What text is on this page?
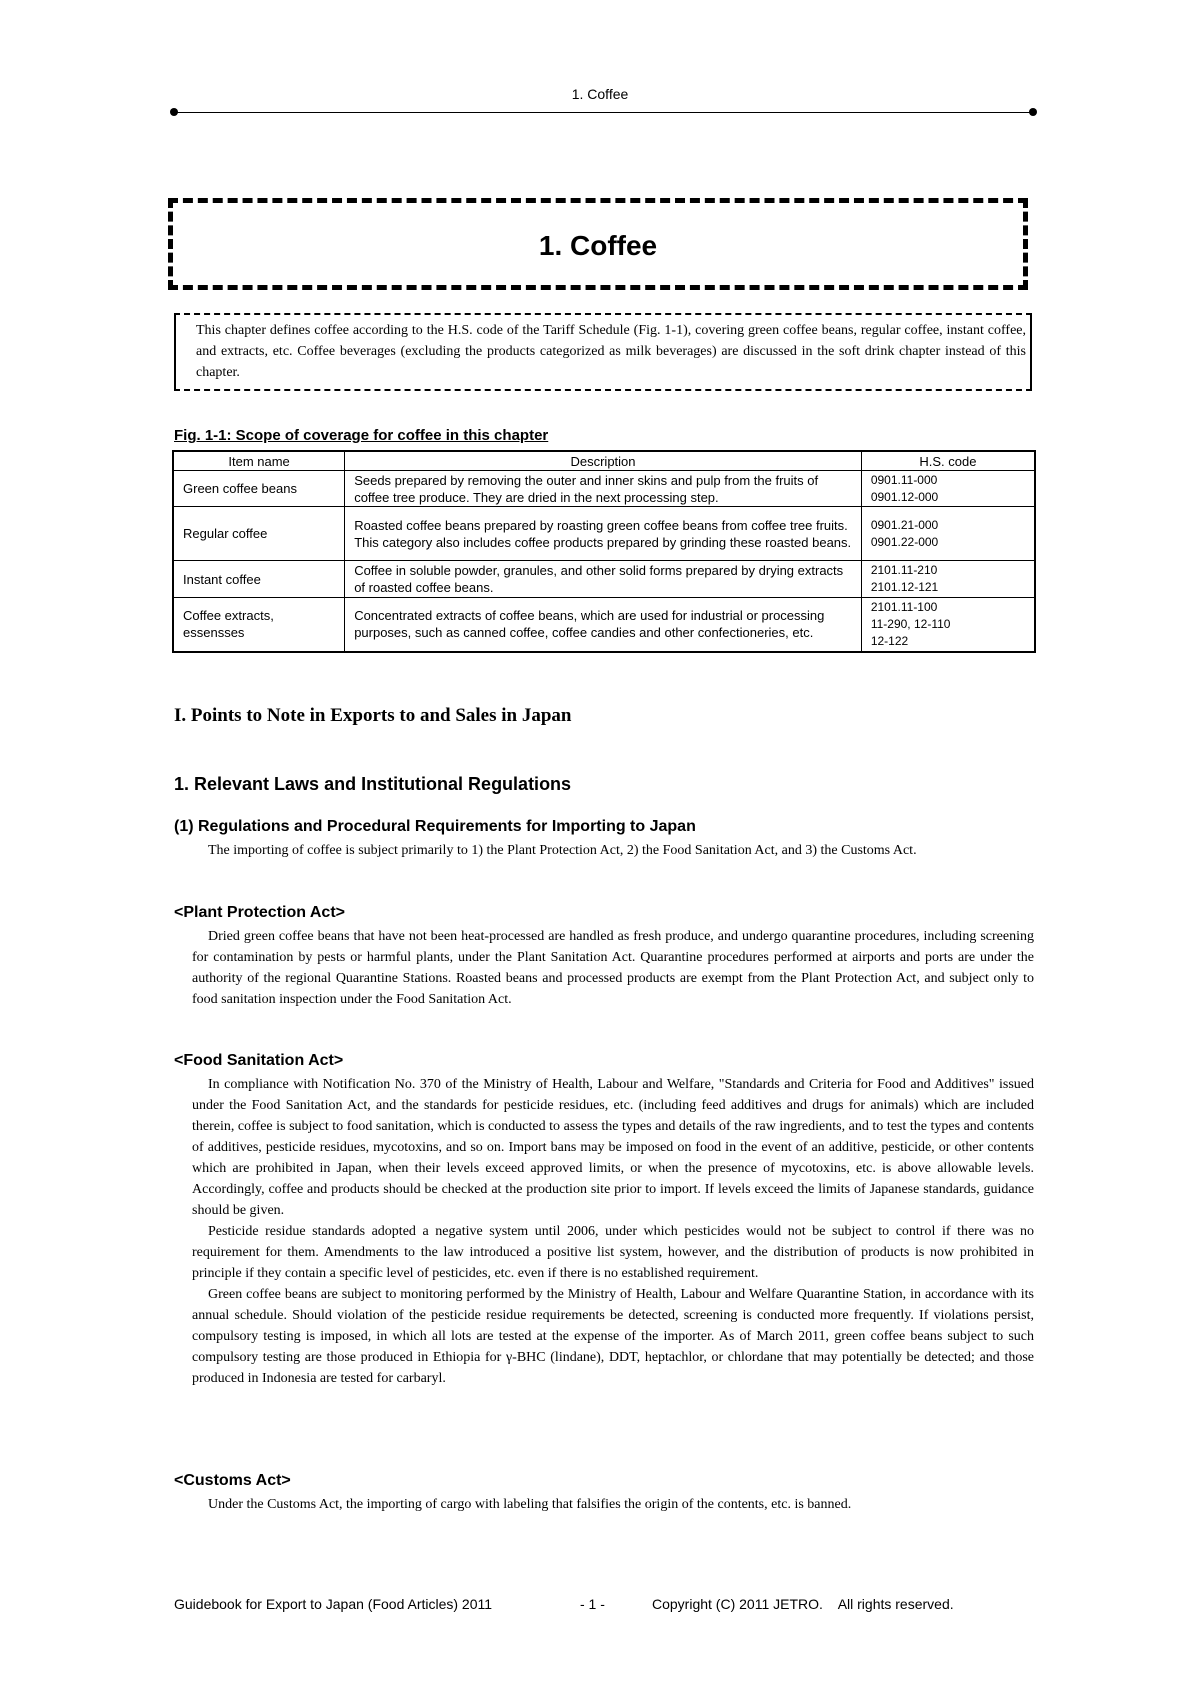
1. Coffee
1. Coffee
This chapter defines coffee according to the H.S. code of the Tariff Schedule (Fig. 1-1), covering green coffee beans, regular coffee, instant coffee, and extracts, etc. Coffee beverages (excluding the products categorized as milk beverages) are discussed in the soft drink chapter instead of this chapter.
Fig. 1-1: Scope of coverage for coffee in this chapter
Item name	Description	H.S. code
Green coffee beans	Seeds prepared by removing the outer and inner skins and pulp from the fruits of coffee tree produce. They are dried in the next processing step.	0901.11-000
0901.12-000
Regular coffee	Roasted coffee beans prepared by roasting green coffee beans from coffee tree fruits. This category also includes coffee products prepared by grinding these roasted beans.	0901.21-000
0901.22-000
Instant coffee	Coffee in soluble powder, granules, and other solid forms prepared by drying extracts of roasted coffee beans.	2101.11-210
2101.12-121
Coffee extracts, essensses	Concentrated extracts of coffee beans, which are used for industrial or processing purposes, such as canned coffee, coffee candies and other confectioneries, etc.	2101.11-100
11-290, 12-110
12-122
I. Points to Note in Exports to and Sales in Japan
1. Relevant Laws and Institutional Regulations
(1) Regulations and Procedural Requirements for Importing to Japan

The importing of coffee is subject primarily to 1) the Plant Protection Act, 2) the Food Sanitation Act, and 3) the Customs Act.

<Plant Protection Act>

Dried green coffee beans that have not been heat-processed are handled as fresh produce, and undergo quarantine procedures, including screening for contamination by pests or harmful plants, under the Plant Sanitation Act. Quarantine procedures performed at airports and ports are under the authority of the regional Quarantine Stations. Roasted beans and processed products are exempt from the Plant Protection Act, and subject only to food sanitation inspection under the Food Sanitation Act.

<Food Sanitation Act>

In compliance with Notification No. 370 of the Ministry of Health, Labour and Welfare, "Standards and Criteria for Food and Additives" issued under the Food Sanitation Act, and the standards for pesticide residues, etc. (including feed additives and drugs for animals) which are included therein, coffee is subject to food sanitation, which is conducted to assess the types and details of the raw ingredients, and to test the types and contents of additives, pesticide residues, mycotoxins, and so on. Import bans may be imposed on food in the event of an additive, pesticide, or other contents which are prohibited in Japan, when their levels exceed approved limits, or when the presence of mycotoxins, etc. is above allowable levels. Accordingly, coffee and products should be checked at the production site prior to import. If levels exceed the limits of Japanese standards, guidance should be given.

Pesticide residue standards adopted a negative system until 2006, under which pesticides would not be subject to control if there was no requirement for them. Amendments to the law introduced a positive list system, however, and the distribution of products is now prohibited in principle if they contain a specific level of pesticides, etc. even if there is no established requirement.

Green coffee beans are subject to monitoring performed by the Ministry of Health, Labour and Welfare Quarantine Station, in accordance with its annual schedule. Should violation of the pesticide residue requirements be detected, screening is conducted more frequently. If violations persist, compulsory testing is imposed, in which all lots are tested at the expense of the importer. As of March 2011, green coffee beans subject to such compulsory testing are those produced in Ethiopia for γ-BHC (lindane), DDT, heptachlor, or chlordane that may potentially be detected; and those produced in Indonesia are tested for carbaryl.

<Customs Act>

Under the Customs Act, the importing of cargo with labeling that falsifies the origin of the contents, etc. is banned.

Guidebook for Export to Japan (Food Articles) 2011	- 1 -	Copyright (C) 2011 JETRO.    All rights reserved.
